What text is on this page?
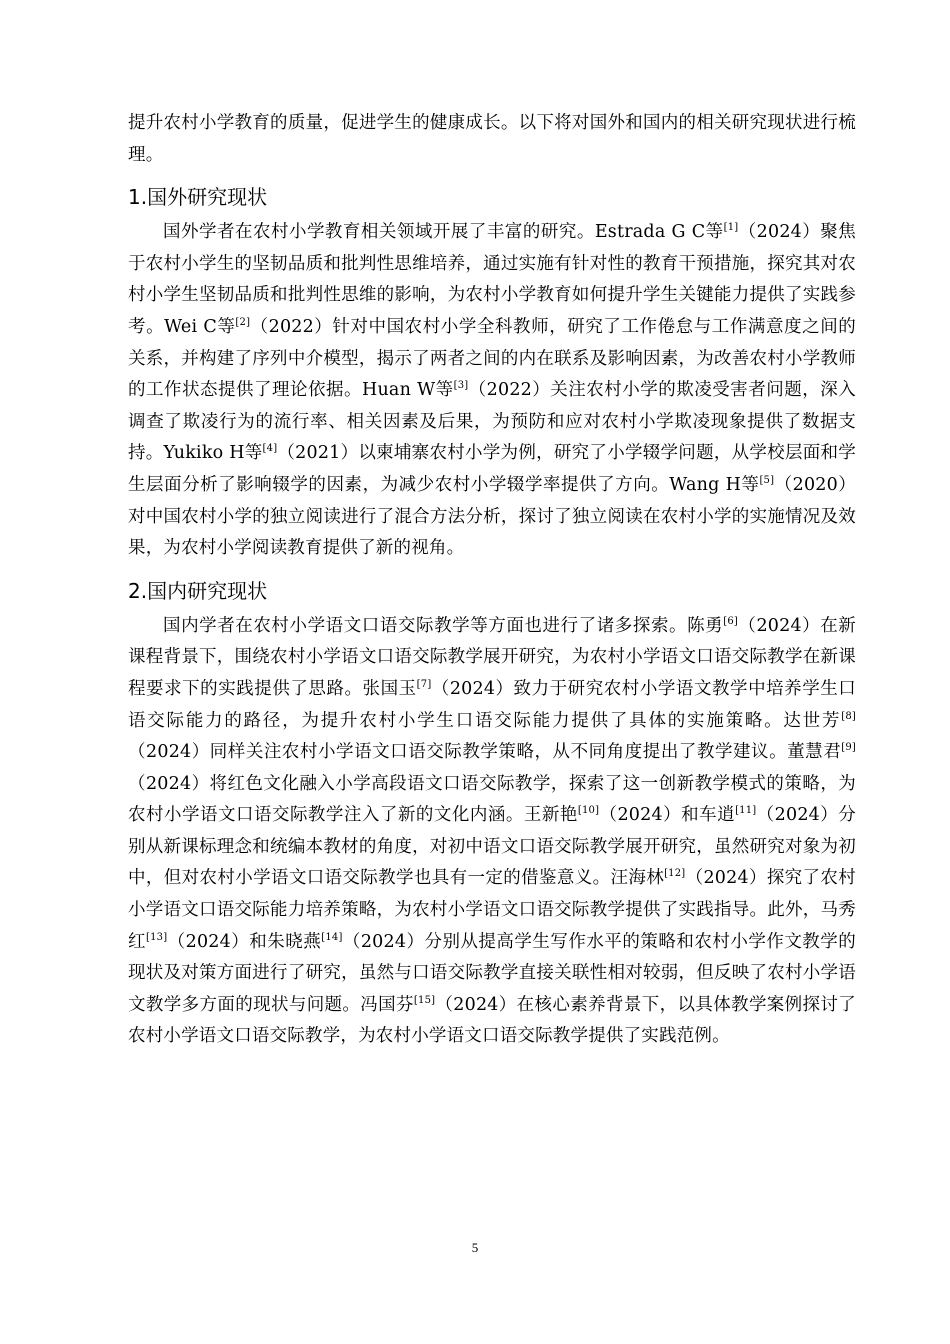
提升农村小学教育的质量，促进学生的健康成长。以下将对国外和国内的相关研究现状进行梳理。

1.国外研究现状

国外学者在农村小学教育相关领域开展了丰富的研究。Estrada G C等[1]（2024）聚焦于农村小学生的坚韧品质和批判性思维培养，通过实施有针对性的教育干预措施，探究其对农村小学生坚韧品质和批判性思维的影响，为农村小学教育如何提升学生关键能力提供了实践参考。Wei C等[2]（2022）针对中国农村小学全科教师，研究了工作倦怠与工作满意度之间的关系，并构建了序列中介模型，揭示了两者之间的内在联系及影响因素，为改善农村小学教师的工作状态提供了理论依据。Huan W等[3]（2022）关注农村小学的欺凌受害者问题，深入调查了欺凌行为的流行率、相关因素及后果，为预防和应对农村小学欺凌现象提供了数据支持。Yukiko H等[4]（2021）以柬埔寨农村小学为例，研究了小学辍学问题，从学校层面和学生层面分析了影响辍学的因素，为减少农村小学辍学率提供了方向。Wang H等[5]（2020）对中国农村小学的独立阅读进行了混合方法分析，探讨了独立阅读在农村小学的实施情况及效果，为农村小学阅读教育提供了新的视角。

2.国内研究现状

国内学者在农村小学语文口语交际教学等方面也进行了诸多探索。陈勇[6]（2024）在新课程背景下，围绕农村小学语文口语交际教学展开研究，为农村小学语文口语交际教学在新课程要求下的实践提供了思路。张国玉[7]（2024）致力于研究农村小学语文教学中培养学生口语交际能力的路径，为提升农村小学生口语交际能力提供了具体的实施策略。达世芳[8]（2024）同样关注农村小学语文口语交际教学策略，从不同角度提出了教学建议。董慧君[9]（2024）将红色文化融入小学高段语文口语交际教学，探索了这一创新教学模式的策略，为农村小学语文口语交际教学注入了新的文化内涵。王新艳[10]（2024）和车逍[11]（2024）分别从新课标理念和统编本教材的角度，对初中语文口语交际教学展开研究，虽然研究对象为初中，但对农村小学语文口语交际教学也具有一定的借鉴意义。汪海林[12]（2024）探究了农村小学语文口语交际能力培养策略，为农村小学语文口语交际教学提供了实践指导。此外，马秀红[13]（2024）和朱晓燕[14]（2024）分别从提高学生写作水平的策略和农村小学作文教学的现状及对策方面进行了研究，虽然与口语交际教学直接关联性相对较弱，但反映了农村小学语文教学多方面的现状与问题。冯国芬[15]（2024）在核心素养背景下，以具体教学案例探讨了农村小学语文口语交际教学，为农村小学语文口语交际教学提供了实践范例。

5
